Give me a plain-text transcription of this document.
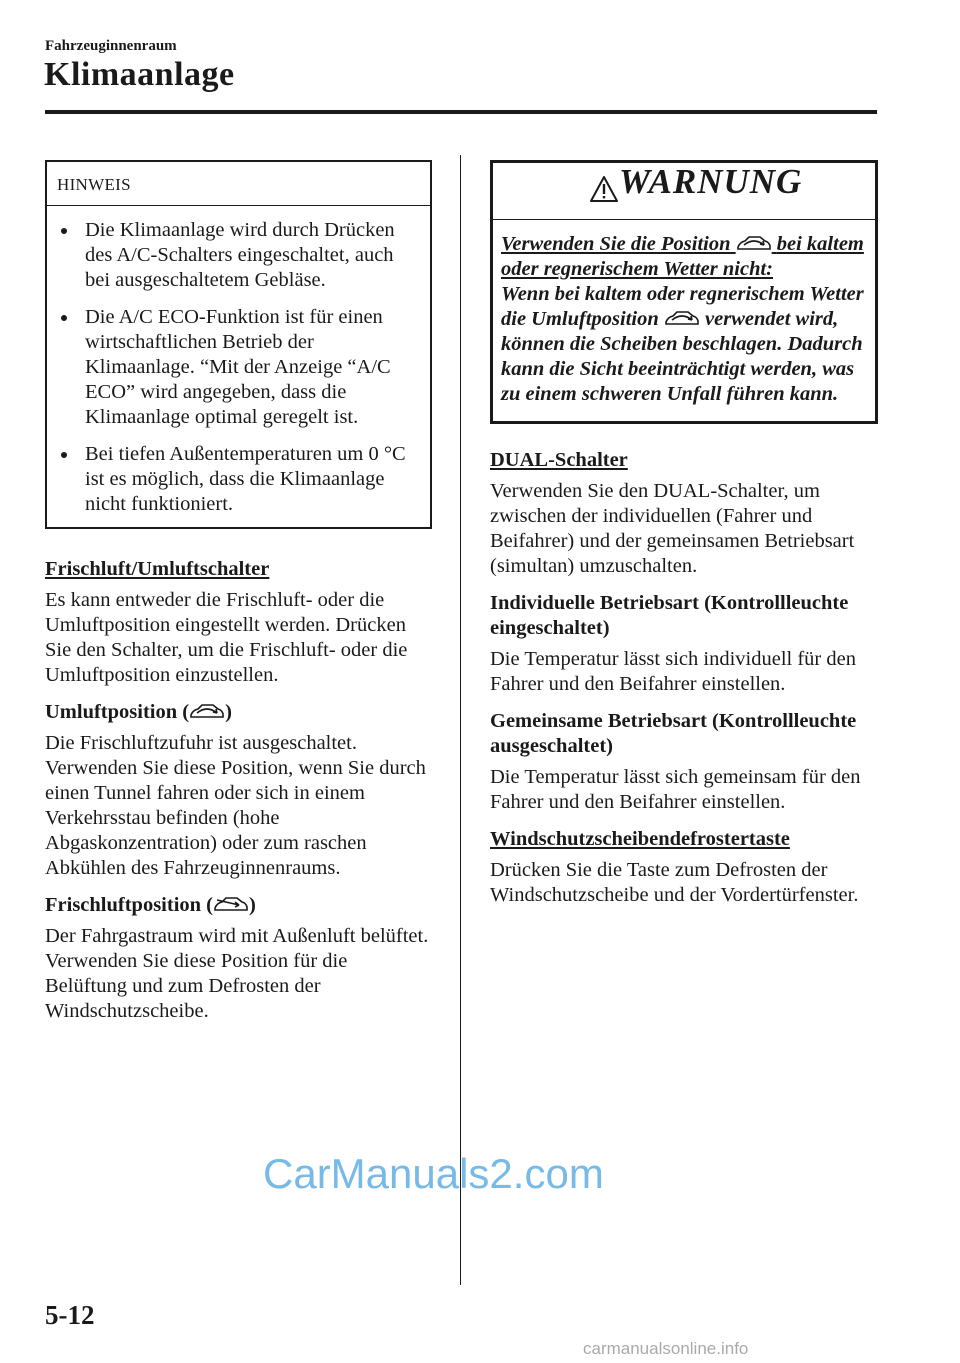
Fahrzeuginnenraum
Klimaanlage
HINWEIS
Die Klimaanlage wird durch Drücken des A/C-Schalters eingeschaltet, auch bei ausgeschaltetem Gebläse.
Die A/C ECO-Funktion ist für einen wirtschaftlichen Betrieb der Klimaanlage. “Mit der Anzeige “A/C ECO” wird angegeben, dass die Klimaanlage optimal geregelt ist.
Bei tiefen Außentemperaturen um 0 °C ist es möglich, dass die Klimaanlage nicht funktioniert.
Frischluft/Umluftschalter
Es kann entweder die Frischluft- oder die Umluftposition eingestellt werden. Drücken Sie den Schalter, um die Frischluft- oder die Umluftposition einzustellen.
Umluftposition ( )
Die Frischluftzufuhr ist ausgeschaltet. Verwenden Sie diese Position, wenn Sie durch einen Tunnel fahren oder sich in einem Verkehrsstau befinden (hohe Abgaskonzentration) oder zum raschen Abkühlen des Fahrzeuginnenraums.
Frischluftposition ( )
Der Fahrgastraum wird mit Außenluft belüftet. Verwenden Sie diese Position für die Belüftung und zum Defrosten der Windschutzscheibe.
WARNUNG
Verwenden Sie die Position bei kaltem oder regnerischem Wetter nicht:
Wenn bei kaltem oder regnerischem Wetter die Umluftposition verwendet wird, können die Scheiben beschlagen. Dadurch kann die Sicht beeinträchtigt werden, was zu einem schweren Unfall führen kann.
DUAL-Schalter
Verwenden Sie den DUAL-Schalter, um zwischen der individuellen (Fahrer und Beifahrer) und der gemeinsamen Betriebsart (simultan) umzuschalten.
Individuelle Betriebsart (Kontrollleuchte eingeschaltet)
Die Temperatur lässt sich individuell für den Fahrer und den Beifahrer einstellen.
Gemeinsame Betriebsart (Kontrollleuchte ausgeschaltet)
Die Temperatur lässt sich gemeinsam für den Fahrer und den Beifahrer einstellen.
Windschutzscheibendefrostertaste
Drücken Sie die Taste zum Defrosten der Windschutzscheibe und der Vordertürfenster.
CarManuals2.com
5-12
carmanualsonline.info
